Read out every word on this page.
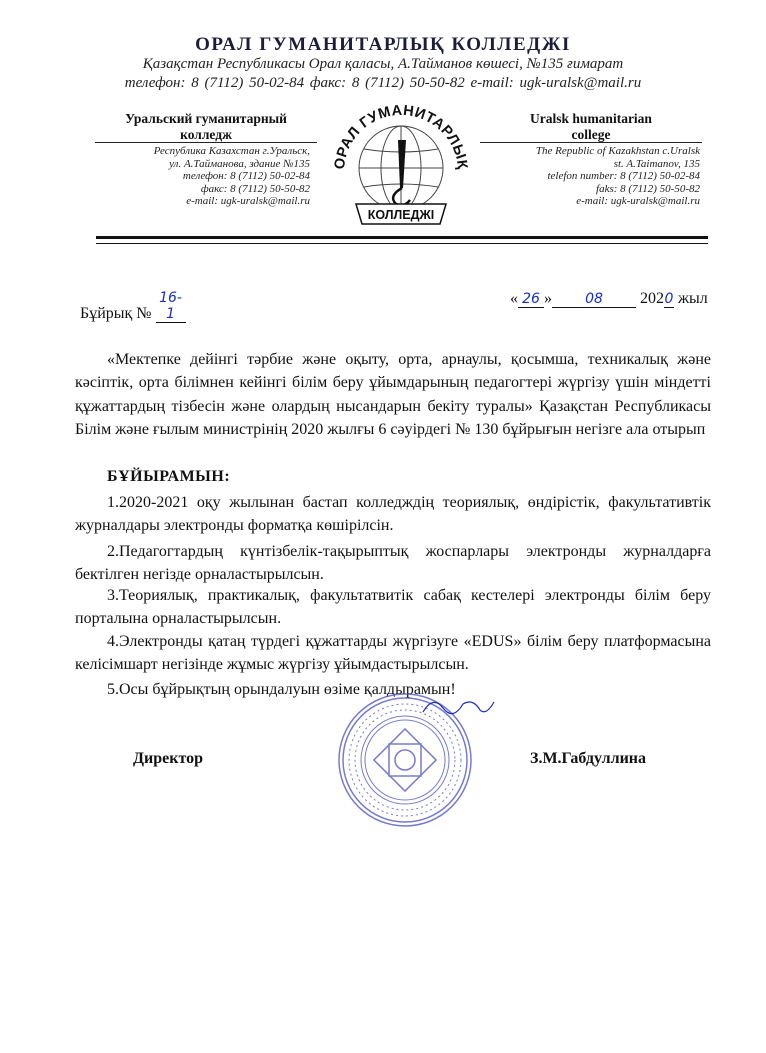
ОРАЛ ГУМАНИТАРЛЫҚ КОЛЛЕДЖІ
Қазақстан Республикасы Орал қаласы, А.Тайманов көшесі, №135 ғимарат
телефон: 8 (7112) 50-02-84 факс: 8 (7112) 50-50-82 e-mail: ugk-uralsk@mail.ru
Уральский гуманитарный
колледж
Республика Казахстан г.Уральск,
ул. А.Тайманова, здание №135
телефон: 8 (7112) 50-02-84
факс: 8 (7112) 50-50-82
e-mail: ugk-uralsk@mail.ru
Uralsk humanitarian
college
The Republic of Kazakhstan c.Uralsk
st. A.Taimanov, 135
telefon number: 8 (7112) 50-02-84
faks: 8 (7112) 50-50-82
e-mail: ugk-uralsk@mail.ru
ОРАЛ ГУМАНИТАРЛЫҚ
КОЛЛЕДЖІ
Бұйрық № 16-1
« 26 » 08 2020 жыл
«Мектепке дейінгі тәрбие және оқыту, орта, арнаулы, қосымша, техникалық және кәсіптік, орта білімнен кейінгі білім беру ұйымдарының педагогтері жүргізу үшін міндетті құжаттардың тізбесін және олардың нысандарын бекіту туралы» Қазақстан Республикасы Білім және ғылым министрінің 2020 жылғы 6 сәуірдегі № 130 бұйрығын негізге ала отырып
БҰЙЫРАМЫН:
1.2020-2021 оқу жылынан бастап колледждің теориялық, өндірістік, факультативтік журналдары электронды форматқа көшірілсін.
2.Педагогтардың күнтізбелік-тақырыптық жоспарлары электронды журналдарға бектілген негізде орналастырылсын.
3.Теориялық, практикалық, факультатвитік сабақ кестелері электронды білім беру порталына орналастырылсын.
4.Электронды қатаң түрдегі құжаттарды жүргізуге «EDUS» білім беру платформасына келісімшарт негізінде жұмыс жүргізу ұйымдастырылсын.
5.Осы бұйрықтың орындалуын өзіме қалдырамын!
Директор	З.М.Габдуллина
